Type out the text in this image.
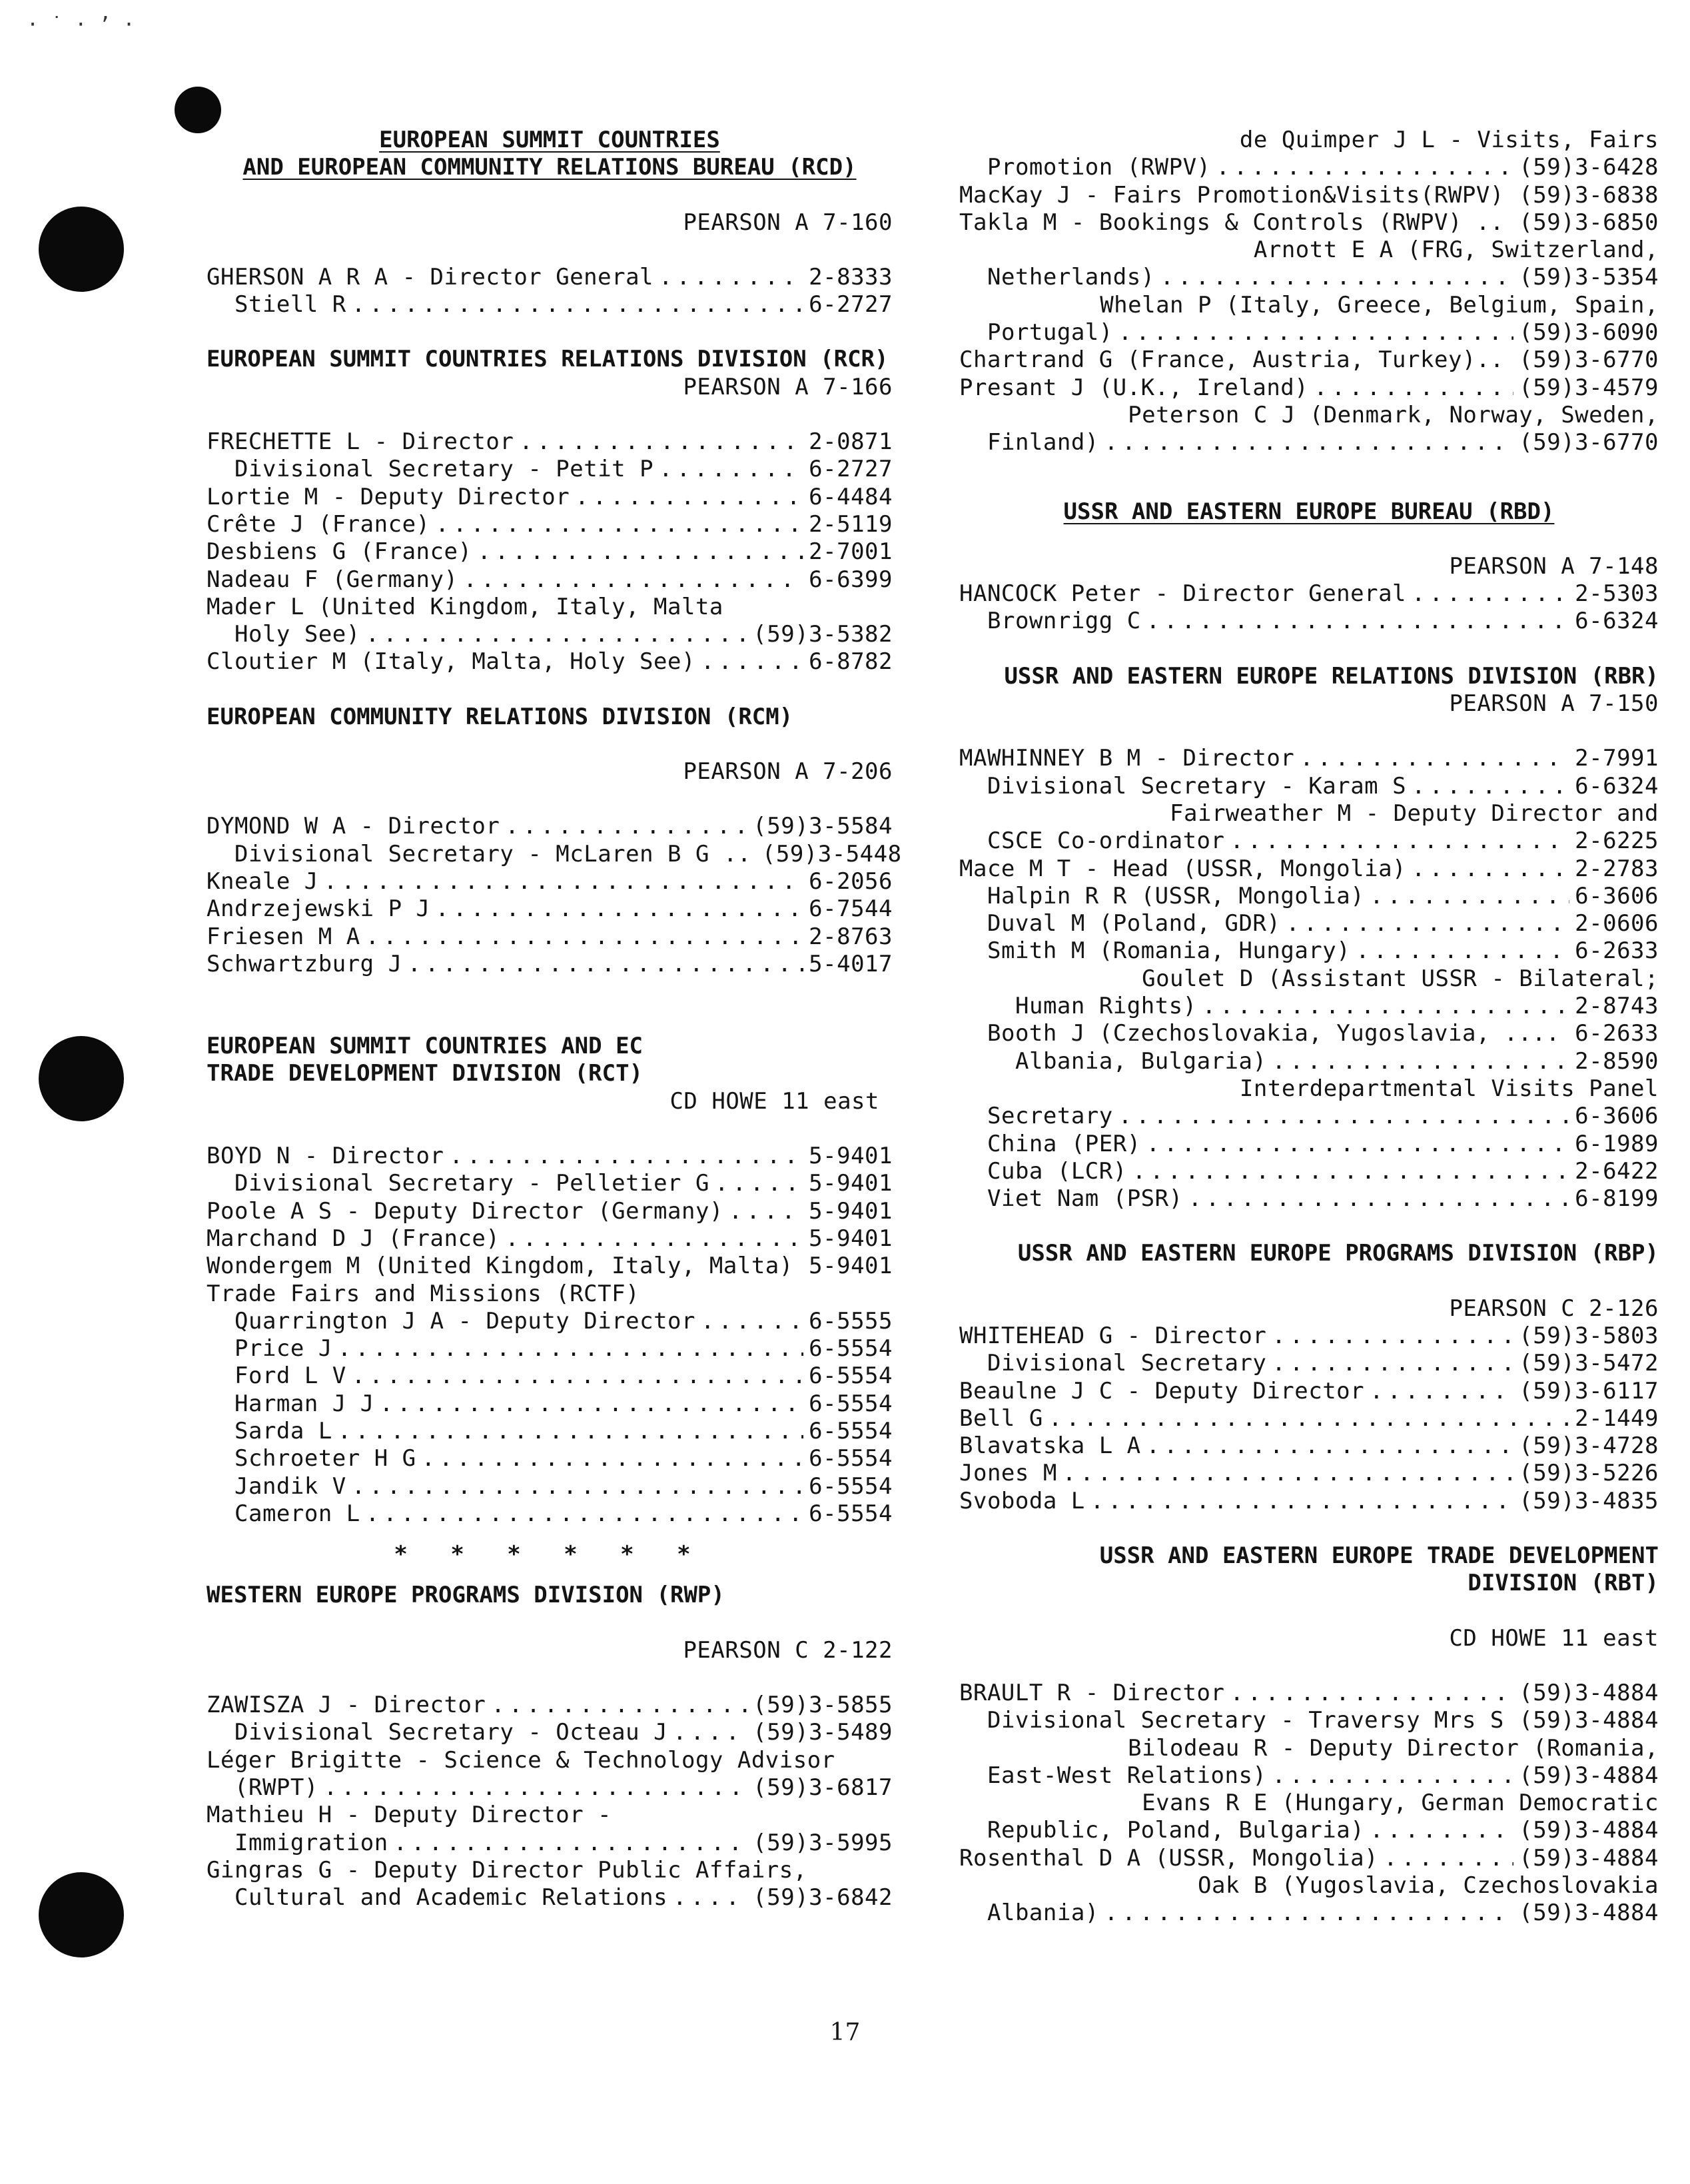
· ˙ · ’ ·
EUROPEAN SUMMIT COUNTRIES
AND EUROPEAN COMMUNITY RELATIONS BUREAU (RCD)
PEARSON A 7-160
GHERSON A R A - Director General .....	2-8333
Stiell R .....	6-2727
EUROPEAN SUMMIT COUNTRIES RELATIONS DIVISION (RCR)
PEARSON A 7-166
FRECHETTE L - Director .....	2-0871
Divisional Secretary - Petit P .....	6-2727
Lortie M - Deputy Director .....	6-4484
Crête J (France) .....	2-5119
Desbiens G (France) .....	2-7001
Nadeau F (Germany) .....	6-6399
Mader L (United Kingdom, Italy, Malta
Holy See) .....	(59)3-5382
Cloutier M (Italy, Malta, Holy See) .....	6-8782
EUROPEAN COMMUNITY RELATIONS DIVISION (RCM)
PEARSON A 7-206
DYMOND W A - Director .....	(59)3-5584
Divisional Secretary - McLaren B G .. (59)3-5448
Kneale J .....	6-2056
Andrzejewski P J .....	6-7544
Friesen M A .....	2-8763
Schwartzburg J .....	5-4017
EUROPEAN SUMMIT COUNTRIES AND EC
TRADE DEVELOPMENT DIVISION (RCT)
CD HOWE 11 east
BOYD N - Director .....	5-9401
Divisional Secretary - Pelletier G .....	5-9401
Poole A S - Deputy Director (Germany) .....	5-9401
Marchand D J (France) .....	5-9401
Wondergem M (United Kingdom, Italy, Malta) 5-9401
Trade Fairs and Missions (RCTF)
Quarrington J A - Deputy Director .....	6-5555
Price J .....	6-5554
Ford L V .....	6-5554
Harman J J .....	6-5554
Sarda L .....	6-5554
Schroeter H G .....	6-5554
Jandik V .....	6-5554
Cameron L .....	6-5554
* * * * * *
WESTERN EUROPE PROGRAMS DIVISION (RWP)
PEARSON C 2-122
ZAWISZA J - Director .....	(59)3-5855
Divisional Secretary - Octeau J .....	(59)3-5489
Léger Brigitte - Science & Technology Advisor
(RWPT) .....	(59)3-6817
Mathieu H - Deputy Director -
Immigration .....	(59)3-5995
Gingras G - Deputy Director Public Affairs,
Cultural and Academic Relations .....	(59)3-6842
de Quimper J L - Visits, Fairs
Promotion (RWPV) .....	(59)3-6428
MacKay J - Fairs Promotion&Visits(RWPV) (59)3-6838
Takla M - Bookings & Controls (RWPV) .. (59)3-6850
Arnott E A (FRG, Switzerland,
Netherlands) .....	(59)3-5354
Whelan P (Italy, Greece, Belgium, Spain,
Portugal) .....	(59)3-6090
Chartrand G (France, Austria, Turkey).. (59)3-6770
Presant J (U.K., Ireland) .....	(59)3-4579
Peterson C J (Denmark, Norway, Sweden,
Finland) .....	(59)3-6770
USSR AND EASTERN EUROPE BUREAU (RBD)
PEARSON A 7-148
HANCOCK Peter - Director General .....	2-5303
Brownrigg C .....	6-6324
USSR AND EASTERN EUROPE RELATIONS DIVISION (RBR)
PEARSON A 7-150
MAWHINNEY B M - Director .....	2-7991
Divisional Secretary - Karam S .....	6-6324
Fairweather M - Deputy Director and
CSCE Co-ordinator .....	2-6225
Mace M T - Head (USSR, Mongolia) .....	2-2783
Halpin R R (USSR, Mongolia) .....	6-3606
Duval M (Poland, GDR) .....	2-0606
Smith M (Romania, Hungary) .....	6-2633
Goulet D (Assistant USSR - Bilateral;
Human Rights) .....	2-8743
Booth J (Czechoslovakia, Yugoslavia, .... 6-2633
Albania, Bulgaria) .....	2-8590
Interdepartmental Visits Panel
Secretary .....	6-3606
China (PER) .....	6-1989
Cuba (LCR) .....	2-6422
Viet Nam (PSR) .....	6-8199
USSR AND EASTERN EUROPE PROGRAMS DIVISION (RBP)
PEARSON C 2-126
WHITEHEAD G - Director .....	(59)3-5803
Divisional Secretary .....	(59)3-5472
Beaulne J C - Deputy Director .....	(59)3-6117
Bell G .....	2-1449
Blavatska L A .....	(59)3-4728
Jones M .....	(59)3-5226
Svoboda L .....	(59)3-4835
USSR AND EASTERN EUROPE TRADE DEVELOPMENT
DIVISION (RBT)
CD HOWE 11 east
BRAULT R - Director .....	(59)3-4884
Divisional Secretary - Traversy Mrs S (59)3-4884
Bilodeau R - Deputy Director (Romania,
East-West Relations) .....	(59)3-4884
Evans R E (Hungary, German Democratic
Republic, Poland, Bulgaria) .....	(59)3-4884
Rosenthal D A (USSR, Mongolia) .....	(59)3-4884
Oak B (Yugoslavia, Czechoslovakia
Albania) .....	(59)3-4884
17
